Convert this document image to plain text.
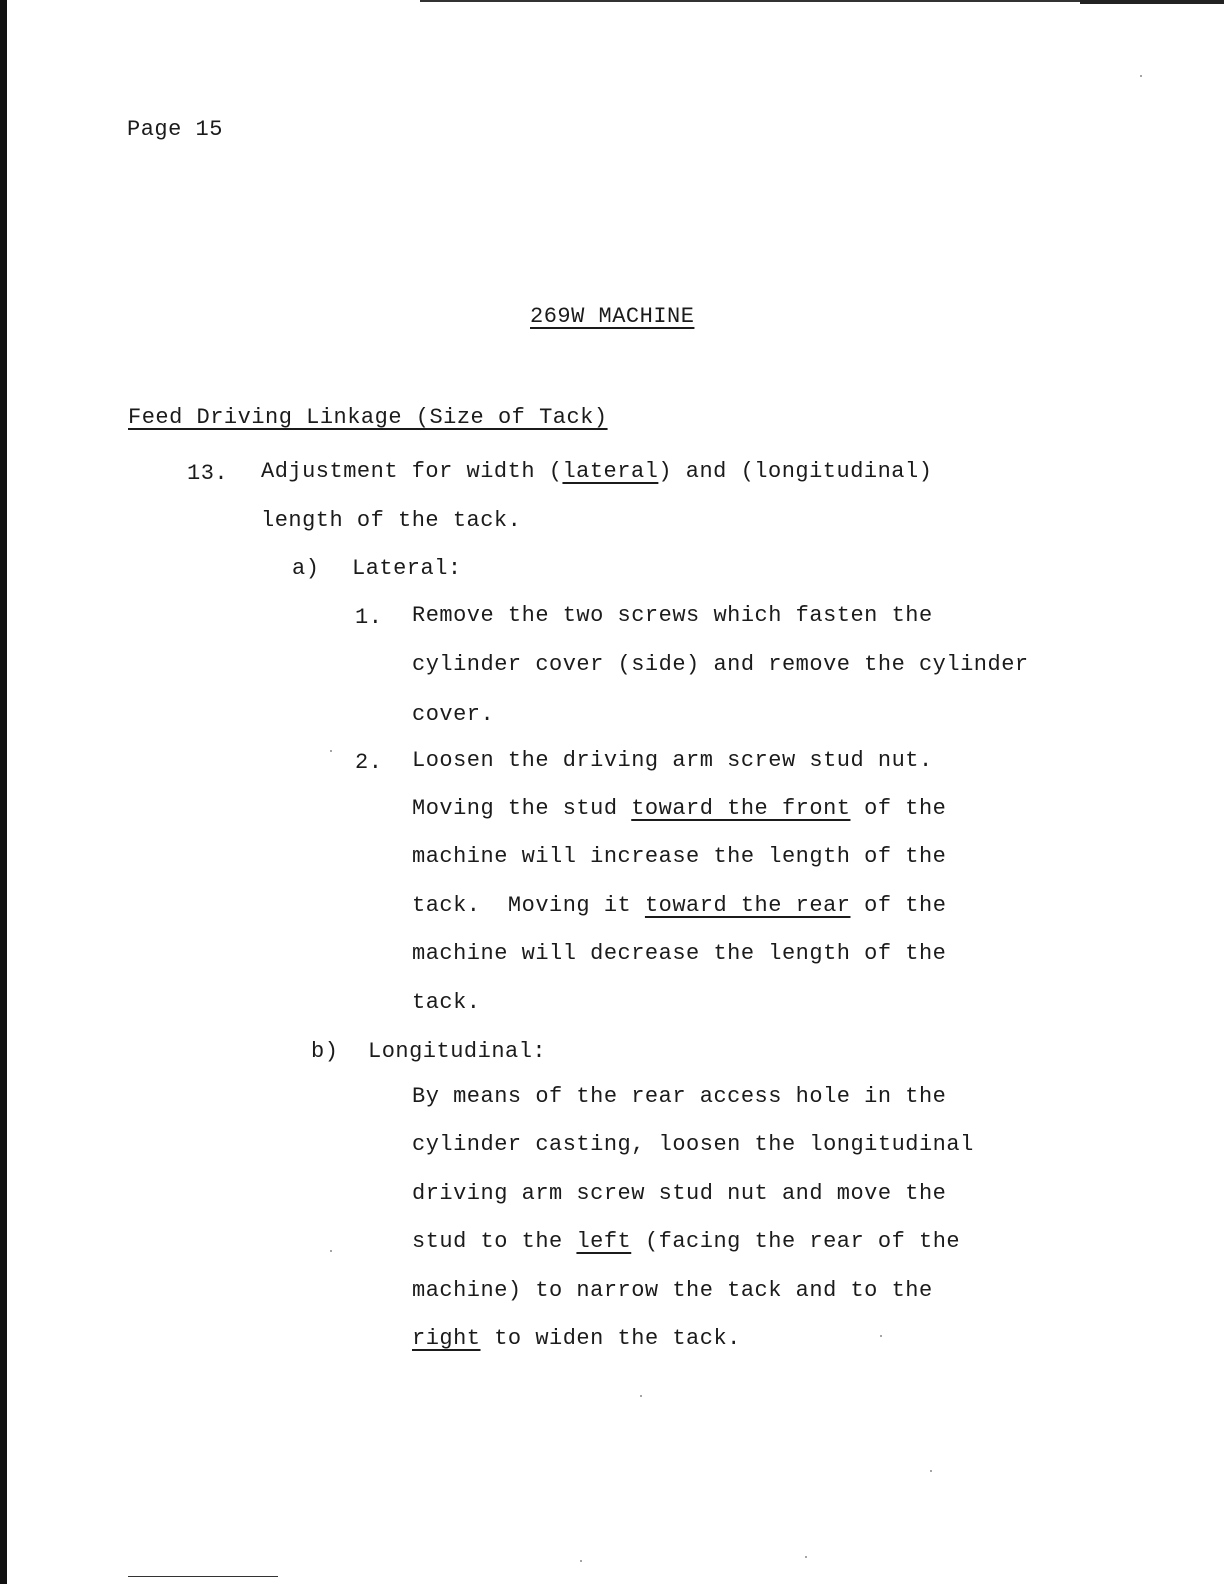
Page 15
269W MACHINE
Feed Driving Linkage (Size of Tack)
13. Adjustment for width (lateral) and (longitudinal)
length of the tack.
a) Lateral:
1. Remove the two screws which fasten the
cylinder cover (side) and remove the cylinder
cover.
2. Loosen the driving arm screw stud nut.
Moving the stud toward the front of the
machine will increase the length of the
tack.  Moving it toward the rear of the
machine will decrease the length of the
tack.
b) Longitudinal:
By means of the rear access hole in the
cylinder casting, loosen the longitudinal
driving arm screw stud nut and move the
stud to the left (facing the rear of the
machine) to narrow the tack and to the
right to widen the tack.
